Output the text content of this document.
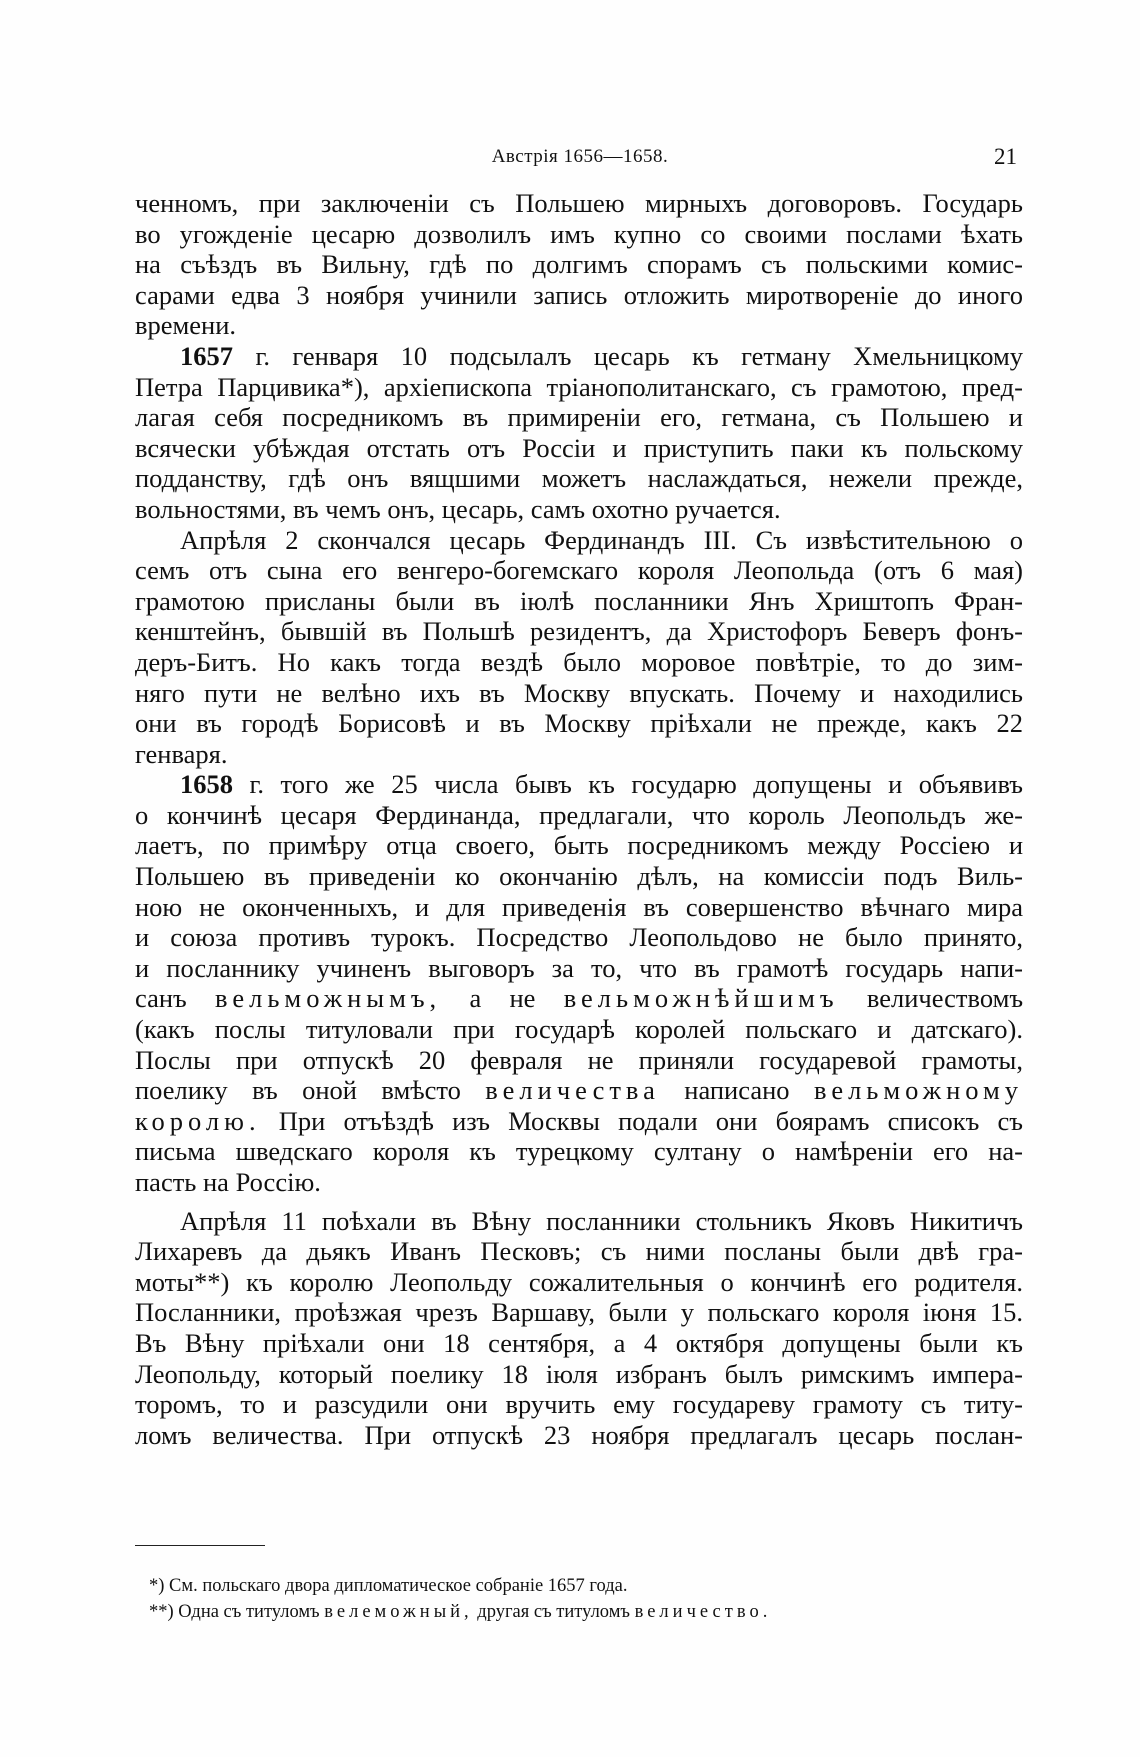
Австрія 1656—1658.	21
ченномъ, при заключеніи съ Польшею мирныхъ договоровъ. Государь
во угожденіе цесарю дозволилъ имъ купно со своими послами ѣхать
на съѣздъ въ Вильну, гдѣ по долгимъ спорамъ съ польскими комис-
сарами едва 3 ноября учинили запись отложить миротвореніе до иного
времени.
1657 г. генваря 10 подсылалъ цесарь къ гетману Хмельницкому
Петра Парцивика*), архіепископа тріанополитанскаго, съ грамотою, пред-
лагая себя посредникомъ въ примиреніи его, гетмана, съ Польшею и
всячески убѣждая отстать отъ Россіи и приступить паки къ польскому
подданству, гдѣ онъ вящшими можетъ наслаждаться, нежели прежде,
вольностями, въ чемъ онъ, цесарь, самъ охотно ручается.
Апрѣля 2 скончался цесарь Фердинандъ III. Съ извѣстительною о
семъ отъ сына его венгеро-богемскаго короля Леопольда (отъ 6 мая)
грамотою присланы были въ іюлѣ посланники Янъ Хриштопъ Фран-
кенштейнъ, бывшій въ Польшѣ резидентъ, да Христофоръ Беверъ фонъ-
деръ-Битъ. Но какъ тогда вездѣ было моровое повѣтріе, то до зим-
няго пути не велѣно ихъ въ Москву впускать. Почему и находились
они въ городѣ Борисовѣ и въ Москву пріѣхали не прежде, какъ 22
генваря.
1658 г. того же 25 числа бывъ къ государю допущены и объявивъ
о кончинѣ цесаря Фердинанда, предлагали, что король Леопольдъ же-
лаетъ, по примѣру отца своего, быть посредникомъ между Россіею и
Польшею въ приведеніи ко окончанію дѣлъ, на комиссіи подъ Виль-
ною не оконченныхъ, и для приведенія въ совершенство вѣчнаго мира
и союза противъ турокъ. Посредство Леопольдово не было принято,
и посланнику учиненъ выговоръ за то, что въ грамотѣ государь напи-
санъ вельможнымъ, а не вельможнѣйшимъ величествомъ
(какъ послы титуловали при государѣ королей польскаго и датскаго).
Послы при отпускѣ 20 февраля не приняли государевой грамоты,
поелику въ оной вмѣсто величества написано вельможному
королю. При отъѣздѣ изъ Москвы подали они боярамъ списокъ съ
письма шведскаго короля къ турецкому султану о намѣреніи его на-
пасть на Россію.
Апрѣля 11 поѣхали въ Вѣну посланники стольникъ Яковъ Никитичъ
Лихаревъ да дьякъ Иванъ Песковъ; съ ними посланы были двѣ гра-
моты**) къ королю Леопольду сожалительныя о кончинѣ его родителя.
Посланники, проѣзжая чрезъ Варшаву, были у польскаго короля іюня 15.
Въ Вѣну пріѣхали они 18 сентября, а 4 октября допущены были къ
Леопольду, который поелику 18 іюля избранъ былъ римскимъ импера-
торомъ, то и разсудили они вручить ему государеву грамоту съ титу-
ломъ величества. При отпускѣ 23 ноября предлагалъ цесарь послан-
*) См. польскаго двора дипломатическое собраніе 1657 года.
**) Одна съ титуломъ велеможный, другая съ титуломъ величество.
